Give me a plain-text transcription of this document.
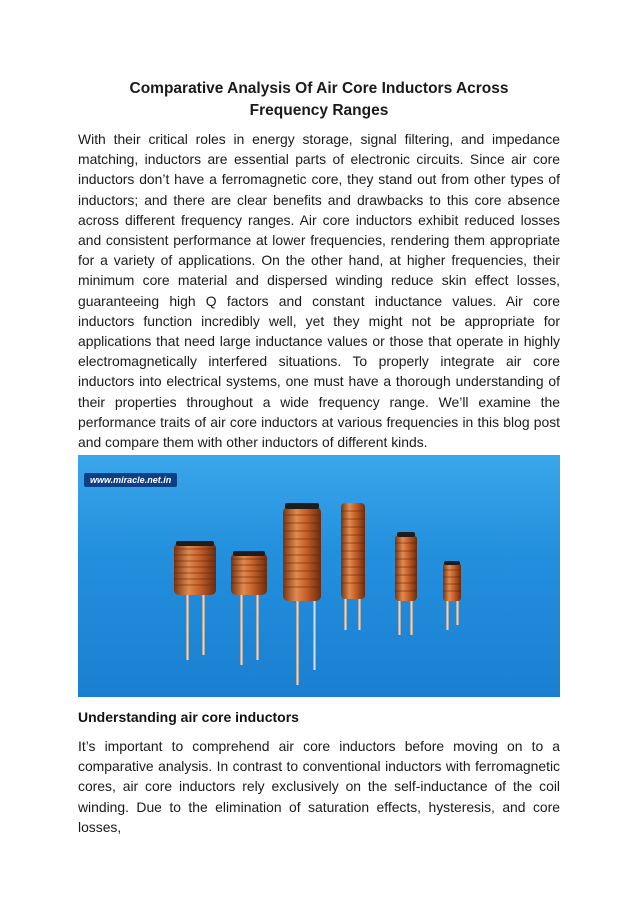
Comparative Analysis Of Air Core Inductors Across
Frequency Ranges

With their critical roles in energy storage, signal filtering, and impedance matching, inductors are essential parts of electronic circuits. Since air core inductors don’t have a ferromagnetic core, they stand out from other types of inductors; and there are clear benefits and drawbacks to this core absence across different frequency ranges. Air core inductors exhibit reduced losses and consistent performance at lower frequencies, rendering them appropriate for a variety of applications. On the other hand, at higher frequencies, their minimum core material and dispersed winding reduce skin effect losses, guaranteeing high Q factors and constant inductance values. Air core inductors function incredibly well, yet they might not be appropriate for applications that need large inductance values or those that operate in highly electromagnetically interfered situations. To properly integrate air core inductors into electrical systems, one must have a thorough understanding of their properties throughout a wide frequency range. We’ll examine the performance traits of air core inductors at various frequencies in this blog post and compare them with other inductors of different kinds.

www.miracle.net.in
Understanding air core inductors

It’s important to comprehend air core inductors before moving on to a comparative analysis. In contrast to conventional inductors with ferromagnetic cores, air core inductors rely exclusively on the self-inductance of the coil winding. Due to the elimination of saturation effects, hysteresis, and core losses,
